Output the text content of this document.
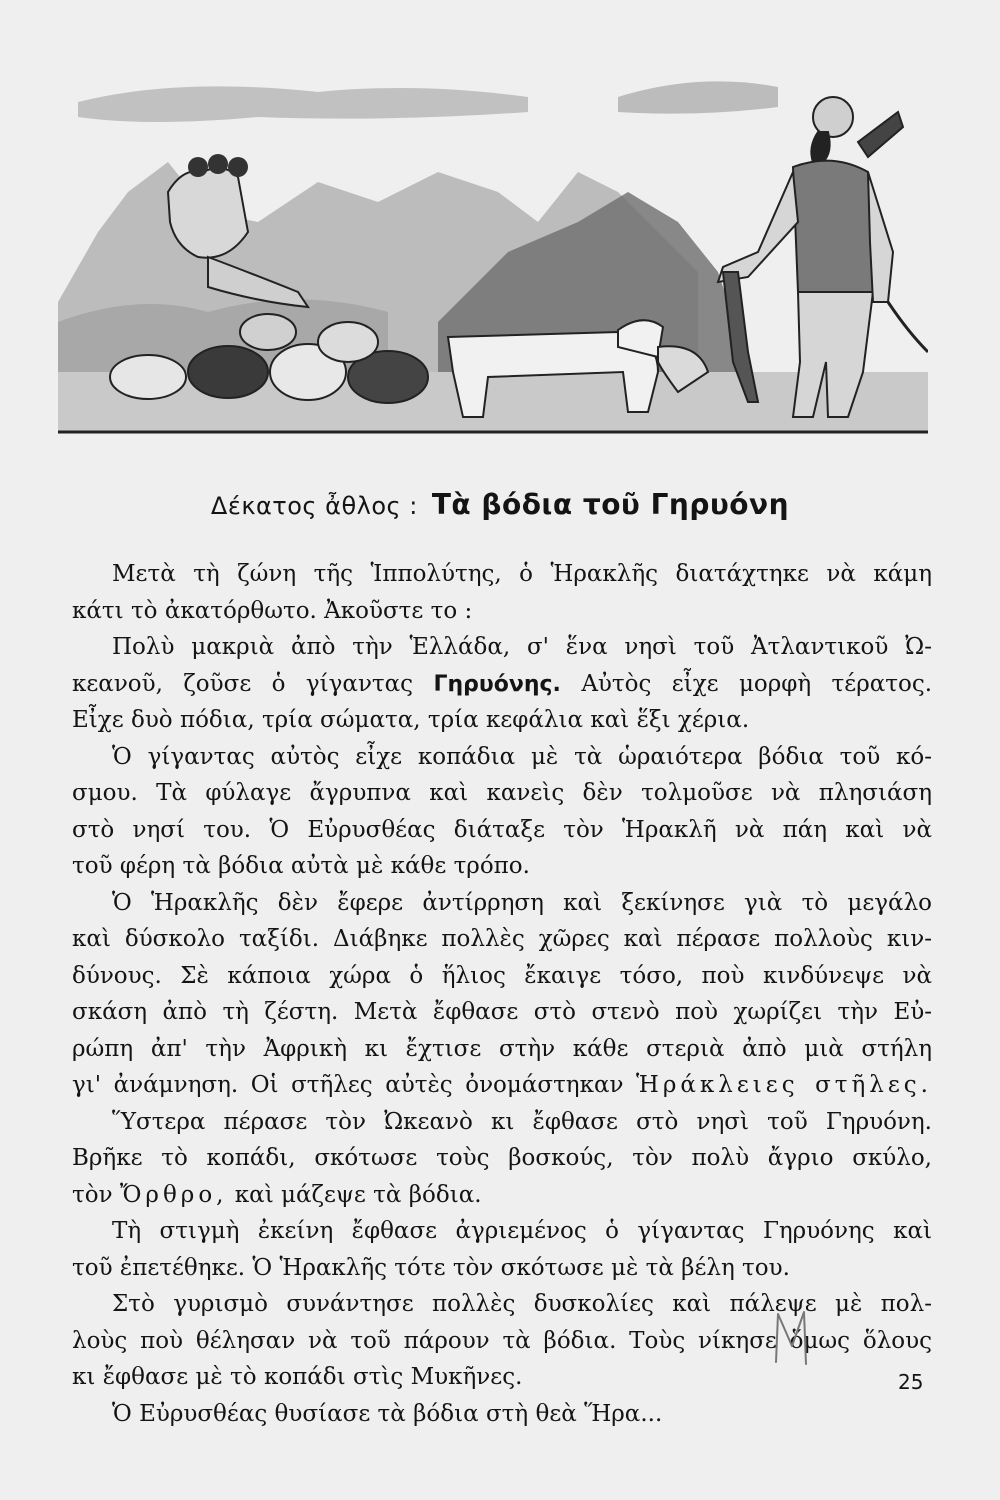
Δέκατος ἆθλος : Τὰ βόδια τοῦ Γηρυόνη
Μετὰ τὴ ζώνη τῆς Ἱππολύτης, ὁ Ἡρακλῆς διατάχτηκε νὰ κάμη
κάτι τὸ ἀκατόρθωτο. Ἀκοῦστε το :
Πολὺ μακριὰ ἀπὸ τὴν Ἑλλάδα, σ' ἕνα νησὶ τοῦ Ἀτλαντικοῦ Ὠ-
κεανοῦ, ζοῦσε ὁ γίγαντας Γηρυόνης. Αὐτὸς εἶχε μορφὴ τέρατος.
Εἶχε δυὸ πόδια, τρία σώματα, τρία κεφάλια καὶ ἕξι χέρια.
Ὁ γίγαντας αὐτὸς εἶχε κοπάδια μὲ τὰ ὡραιότερα βόδια τοῦ κό-
σμου. Τὰ φύλαγε ἄγρυπνα καὶ κανεὶς δὲν τολμοῦσε νὰ πλησιάση
στὸ νησί του. Ὁ Εὐρυσθέας διάταξε τὸν Ἡρακλῆ νὰ πάη καὶ νὰ
τοῦ φέρη τὰ βόδια αὐτὰ μὲ κάθε τρόπο.
Ὁ Ἡρακλῆς δὲν ἔφερε ἀντίρρηση καὶ ξεκίνησε γιὰ τὸ μεγάλο
καὶ δύσκολο ταξίδι. Διάβηκε πολλὲς χῶρες καὶ πέρασε πολλοὺς κιν-
δύνους. Σὲ κάποια χώρα ὁ ἥλιος ἔκαιγε τόσο, ποὺ κινδύνεψε νὰ
σκάση ἀπὸ τὴ ζέστη. Μετὰ ἔφθασε στὸ στενὸ ποὺ χωρίζει τὴν Εὐ-
ρώπη ἀπ' τὴν Ἀφρικὴ κι ἔχτισε στὴν κάθε στεριὰ ἀπὸ μιὰ στήλη
γι' ἀνάμνηση. Οἱ στῆλες αὐτὲς ὀνομάστηκαν Ἡράκλειες στῆλες.
Ὕστερα πέρασε τὸν Ὠκεανὸ κι ἔφθασε στὸ νησὶ τοῦ Γηρυόνη.
Βρῆκε τὸ κοπάδι, σκότωσε τοὺς βοσκούς, τὸν πολὺ ἄγριο σκύλο,
τὸν Ὄρθρο, καὶ μάζεψε τὰ βόδια.
Τὴ στιγμὴ ἐκείνη ἔφθασε ἀγριεμένος ὁ γίγαντας Γηρυόνης καὶ
τοῦ ἐπετέθηκε. Ὁ Ἡρακλῆς τότε τὸν σκότωσε μὲ τὰ βέλη του.
Στὸ γυρισμὸ συνάντησε πολλὲς δυσκολίες καὶ πάλεψε μὲ πολ-
λοὺς ποὺ θέλησαν νὰ τοῦ πάρουν τὰ βόδια. Τοὺς νίκησε ὅμως ὅλους
κι ἔφθασε μὲ τὸ κοπάδι στὶς Μυκῆνες.
Ὁ Εὐρυσθέας θυσίασε τὰ βόδια στὴ θεὰ Ἥρα...
25
